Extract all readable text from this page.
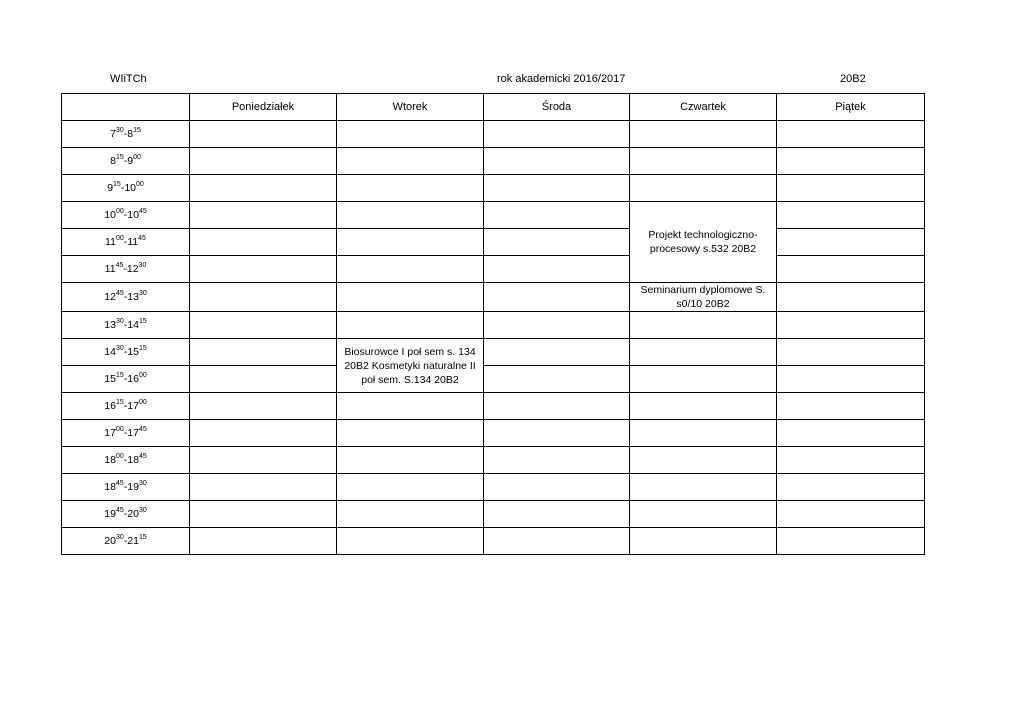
WIiTCh	rok akademicki 2016/2017	20B2
	Poniedziałek	Wtorek	Środa	Czwartek	Piątek
$7^{30}-8^{15}$					
$8^{15}-9^{00}$					
$9^{15}-10^{00}$					
$10^{00}-10^{45}$				Projekt technologiczno-procesowy s.532 20B2	
$11^{00}-11^{45}$				
$11^{45}-12^{30}$				
$12^{45}-13^{30}$				Seminarium dyplomowe S. s0/10 20B2	
$13^{30}-14^{15}$					
$14^{30}-15^{15}$		Biosurowce I poł sem s. 134 20B2 Kosmetyki naturalne II poł sem. S.134 20B2			
$15^{15}-16^{00}$				
$16^{15}-17^{00}$					
$17^{00}-17^{45}$					
$18^{00}-18^{45}$					
$18^{45}-19^{30}$					
$19^{45}-20^{30}$					
$20^{30}-21^{15}$					
